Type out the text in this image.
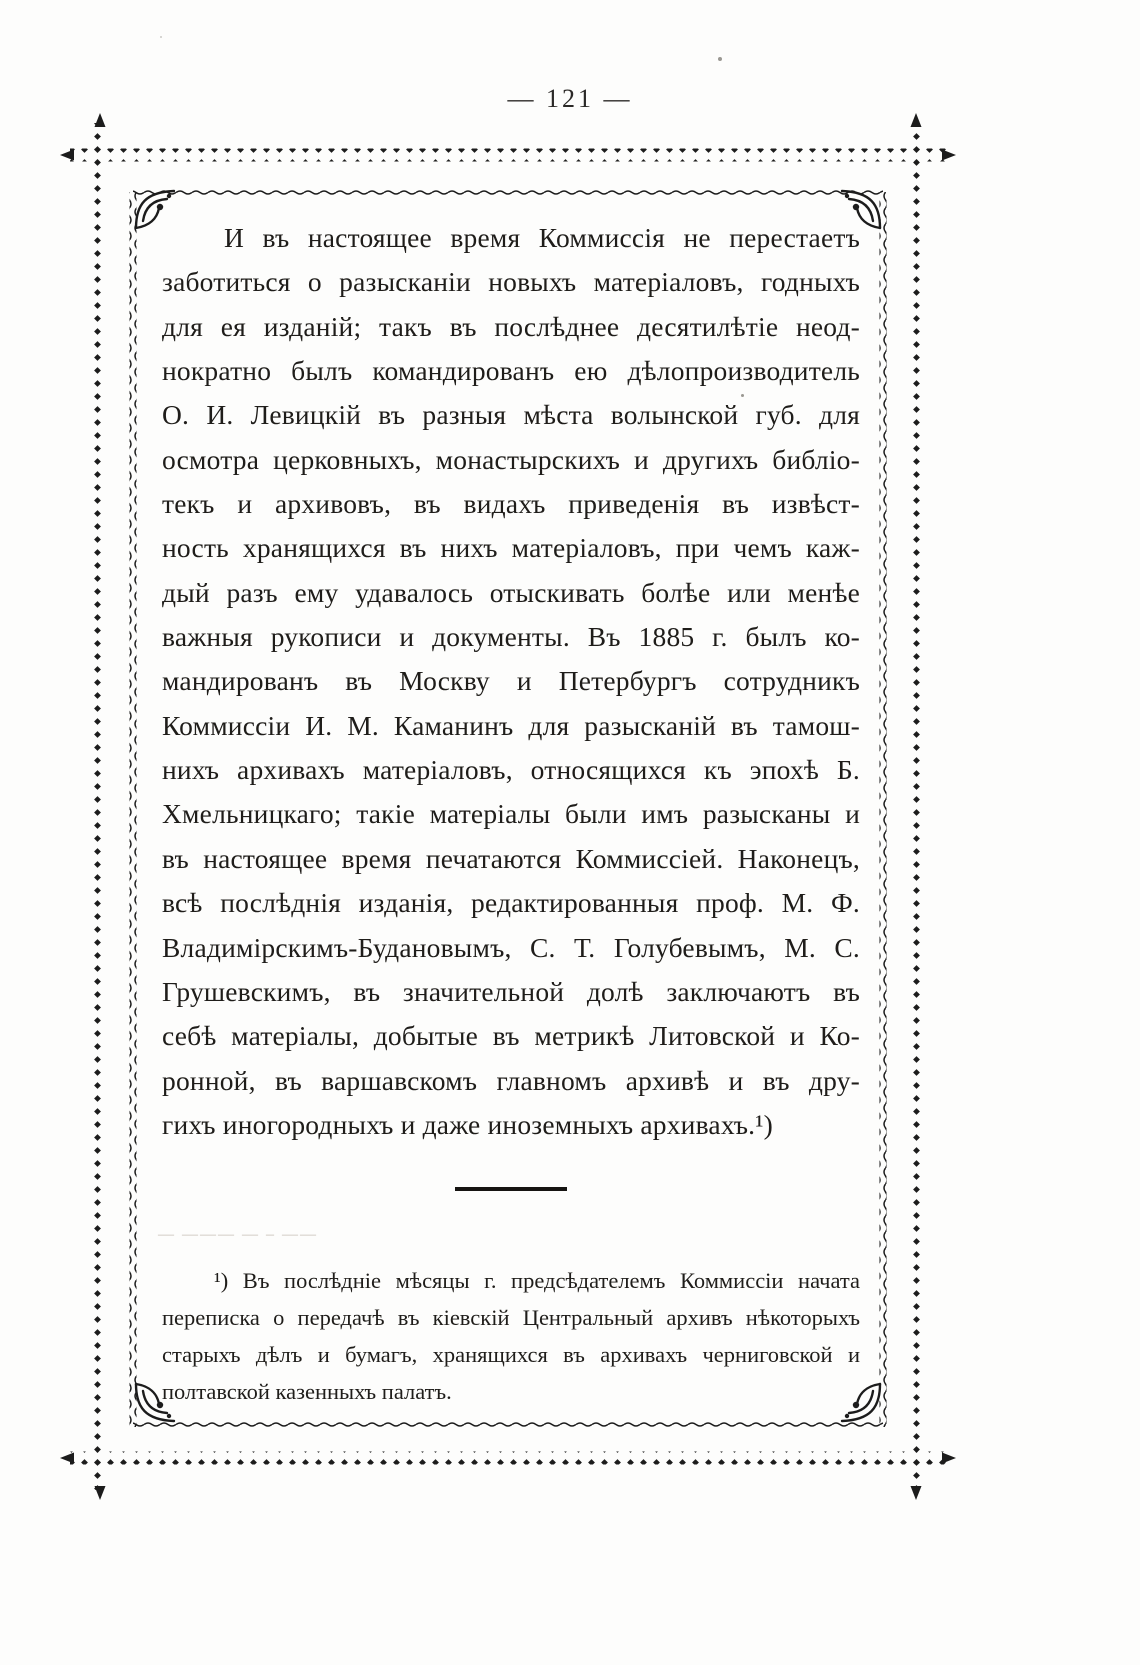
— 121 —
И въ настоящее время Коммиссія не перестаетъ
заботиться о разысканіи новыхъ матеріаловъ, годныхъ
для ея изданій; такъ въ послѣднее десятилѣтіе неод-
нократно былъ командированъ ею дѣлопроизводитель
О. И. Левицкій въ разныя мѣста волынской губ. для
осмотра церковныхъ, монастырскихъ и другихъ библіо-
текъ и архивовъ, въ видахъ приведенія въ извѣст-
ность хранящихся въ нихъ матеріаловъ, при чемъ каж-
дый разъ ему удавалось отыскивать болѣе или менѣе
важныя рукописи и документы. Въ 1885 г. былъ ко-
мандированъ въ Москву и Петербургъ сотрудникъ
Коммиссіи И. М. Каманинъ для разысканій въ тамош-
нихъ архивахъ матеріаловъ, относящихся къ эпохѣ Б.
Хмельницкаго; такіе матеріалы были имъ разысканы и
въ настоящее время печатаются Коммиссіей. Наконецъ,
всѣ послѣднія изданія, редактированныя проф. М. Ф.
Владимірскимъ-Будановымъ, С. Т. Голубевымъ, М. С.
Грушевскимъ, въ значительной долѣ заключаютъ въ
себѣ матеріалы, добытые въ метрикѣ Литовской и Ко-
ронной, въ варшавскомъ главномъ архивѣ и въ дру-
гихъ иногородныхъ и даже иноземныхъ архивахъ.¹)
— ——— — – ——
¹) Въ послѣдніе мѣсяцы г. предсѣдателемъ Коммиссіи начата
переписка о передачѣ въ кіевскій Центральный архивъ нѣкоторыхъ
старыхъ дѣлъ и бумагъ, хранящихся въ архивахъ черниговской и
полтавской казенныхъ палатъ.
